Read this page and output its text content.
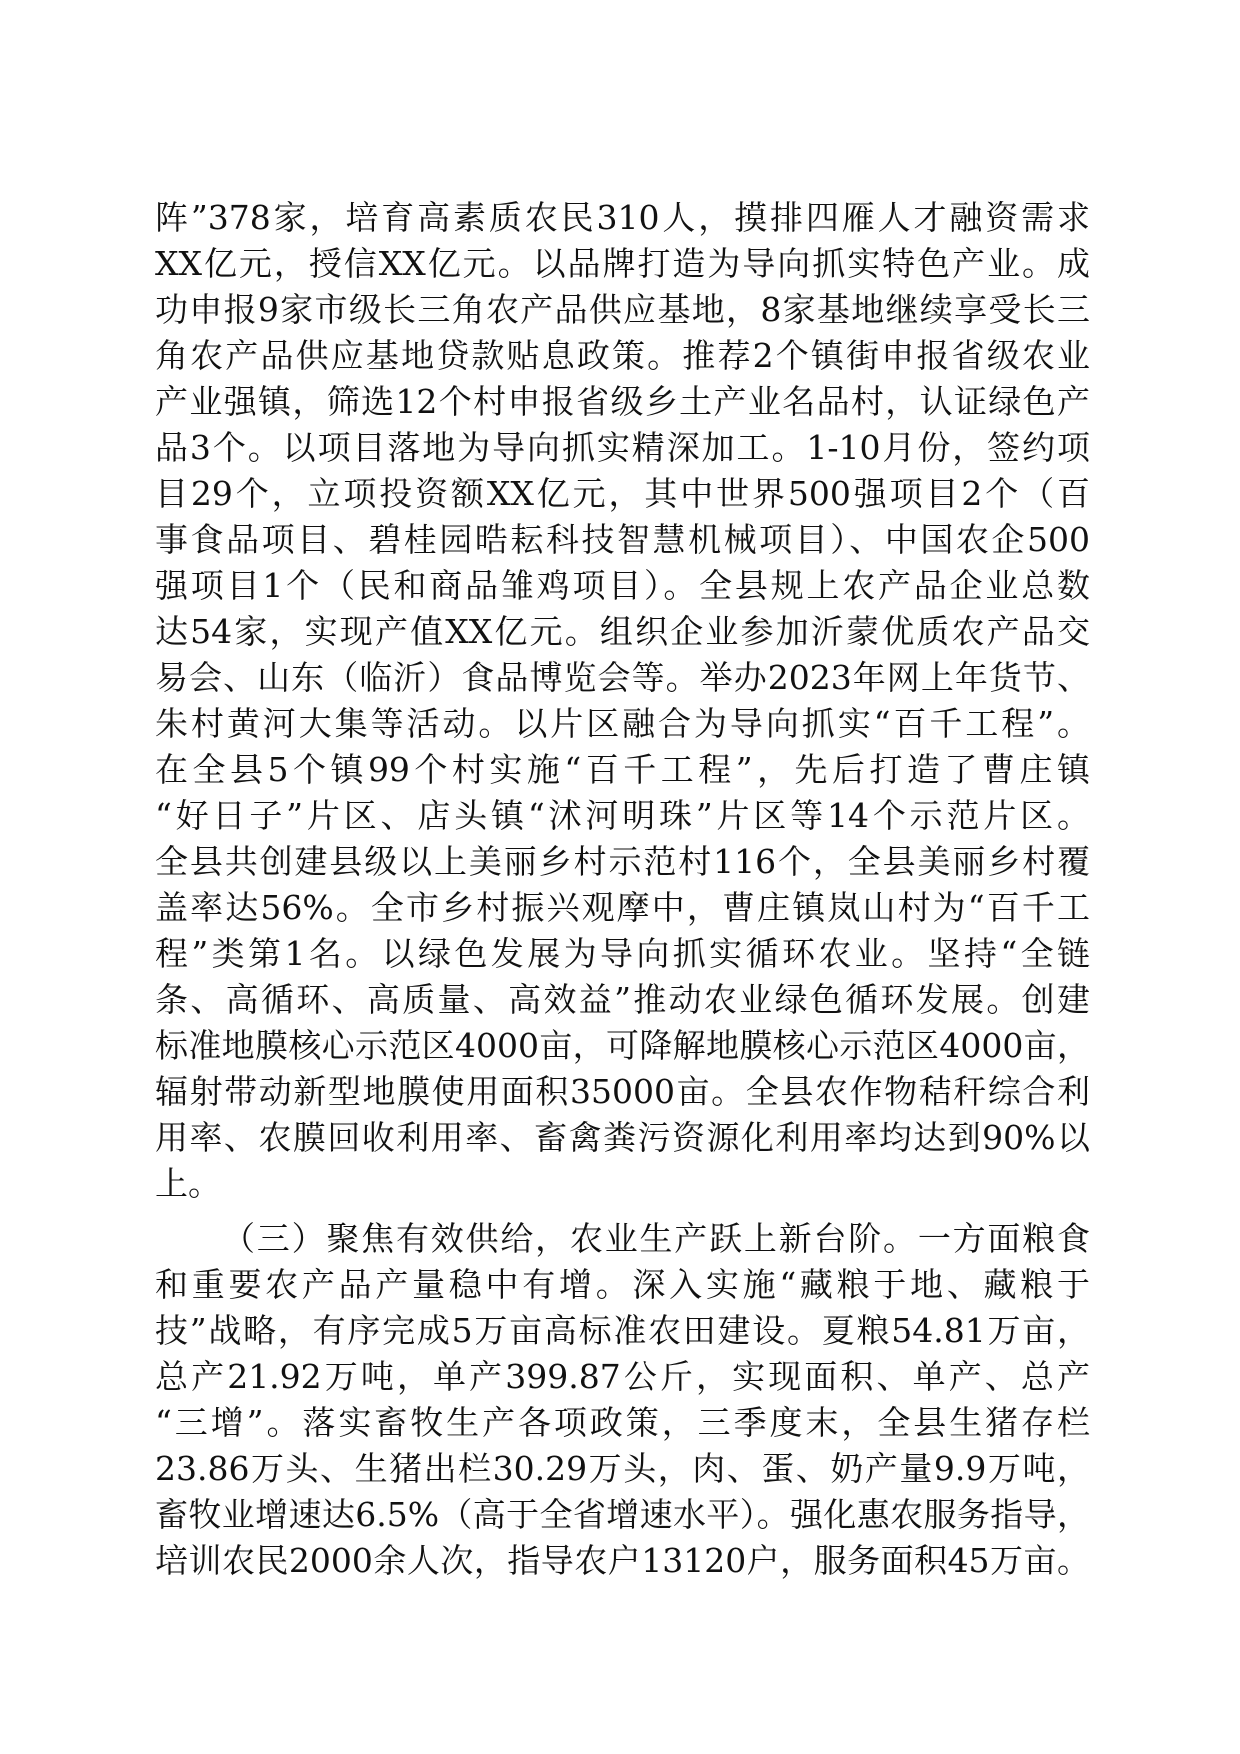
阵”378家，培育高素质农民310人，摸排四雁人才融资需求
XX亿元，授信XX亿元。以品牌打造为导向抓实特色产业。成
功申报9家市级长三角农产品供应基地，8家基地继续享受长三
角农产品供应基地贷款贴息政策。推荐2个镇街申报省级农业
产业强镇，筛选12个村申报省级乡土产业名品村，认证绿色产
品3个。以项目落地为导向抓实精深加工。1-10月份，签约项
目29个，立项投资额XX亿元，其中世界500强项目2个（百
事食品项目、碧桂园晧耘科技智慧机械项目）、中国农企500
强项目1个（民和商品雏鸡项目）。全县规上农产品企业总数
达54家，实现产值XX亿元。组织企业参加沂蒙优质农产品交
易会、山东（临沂）食品博览会等。举办2023年网上年货节、
朱村黄河大集等活动。以片区融合为导向抓实“百千工程”。
在全县5个镇99个村实施“百千工程”，先后打造了曹庄镇
“好日子”片区、店头镇“沭河明珠”片区等14个示范片区。
全县共创建县级以上美丽乡村示范村116个，全县美丽乡村覆
盖率达56%。全市乡村振兴观摩中，曹庄镇岚山村为“百千工
程”类第1名。以绿色发展为导向抓实循环农业。坚持“全链
条、高循环、高质量、高效益”推动农业绿色循环发展。创建
标准地膜核心示范区4000亩，可降解地膜核心示范区4000亩，
辐射带动新型地膜使用面积35000亩。全县农作物秸秆综合利
用率、农膜回收利用率、畜禽粪污资源化利用率均达到90%以
上。
（三）聚焦有效供给，农业生产跃上新台阶。一方面粮食
和重要农产品产量稳中有增。深入实施“藏粮于地、藏粮于
技”战略，有序完成5万亩高标准农田建设。夏粮54.81万亩，
总产21.92万吨，单产399.87公斤，实现面积、单产、总产
“三增”。落实畜牧生产各项政策，三季度末，全县生猪存栏
23.86万头、生猪出栏30.29万头，肉、蛋、奶产量9.9万吨，
畜牧业增速达6.5%（高于全省增速水平）。强化惠农服务指导，
培训农民2000余人次，指导农户13120户，服务面积45万亩。
